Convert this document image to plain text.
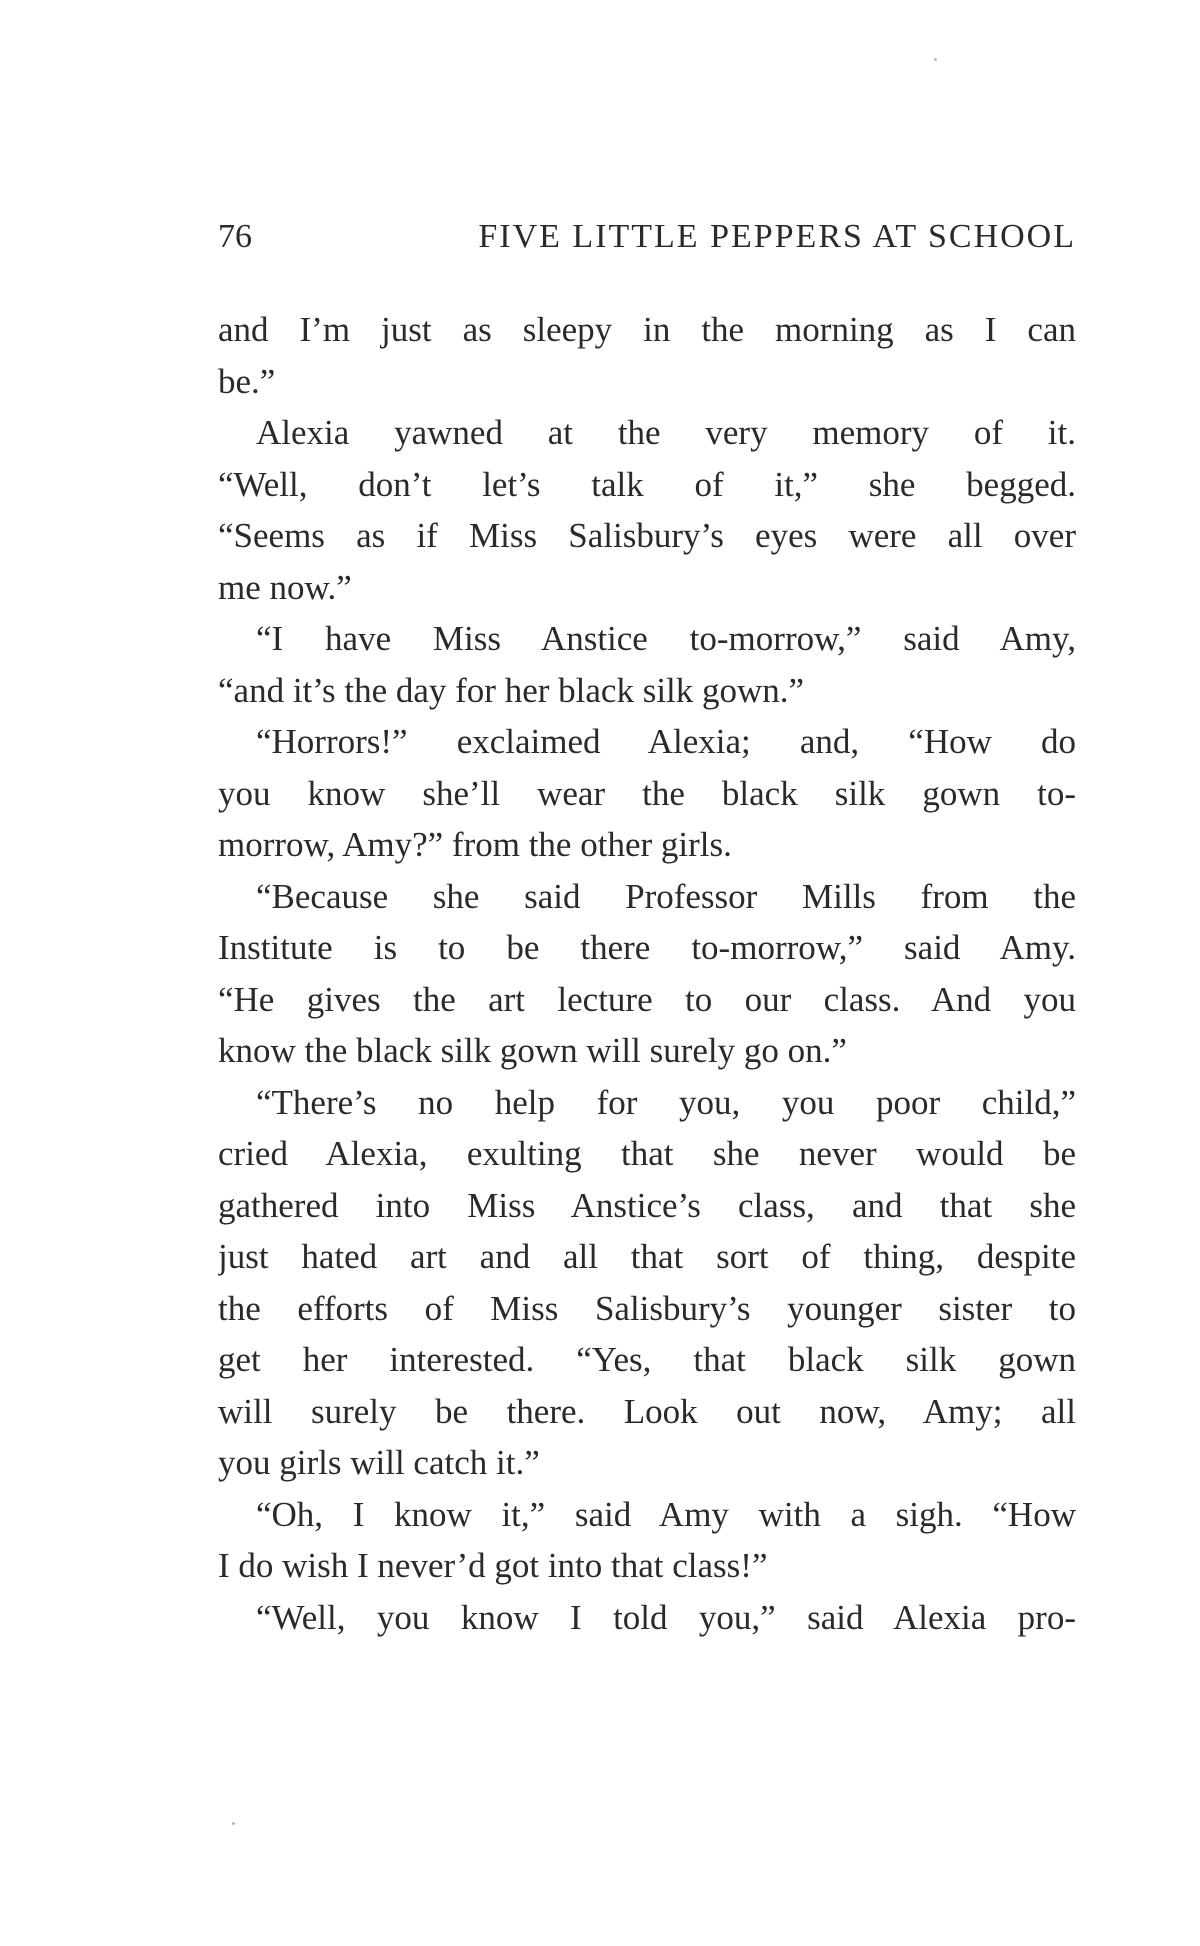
76	FIVE LITTLE PEPPERS AT SCHOOL
and I’m just as sleepy in the morning as I can
be.”
Alexia yawned at the very memory of it.
“Well, don’t let’s talk of it,” she begged.
“Seems as if Miss Salisbury’s eyes were all over
me now.”
“I have Miss Anstice to-morrow,” said Amy,
“and it’s the day for her black silk gown.”
“Horrors!” exclaimed Alexia; and, “How do
you know she’ll wear the black silk gown to-
morrow, Amy?” from the other girls.
“Because she said Professor Mills from the
Institute is to be there to-morrow,” said Amy.
“He gives the art lecture to our class. And you
know the black silk gown will surely go on.”
“There’s no help for you, you poor child,”
cried Alexia, exulting that she never would be
gathered into Miss Anstice’s class, and that she
just hated art and all that sort of thing, despite
the efforts of Miss Salisbury’s younger sister to
get her interested. “Yes, that black silk gown
will surely be there. Look out now, Amy; all
you girls will catch it.”
“Oh, I know it,” said Amy with a sigh. “How
I do wish I never’d got into that class!”
“Well, you know I told you,” said Alexia pro-
